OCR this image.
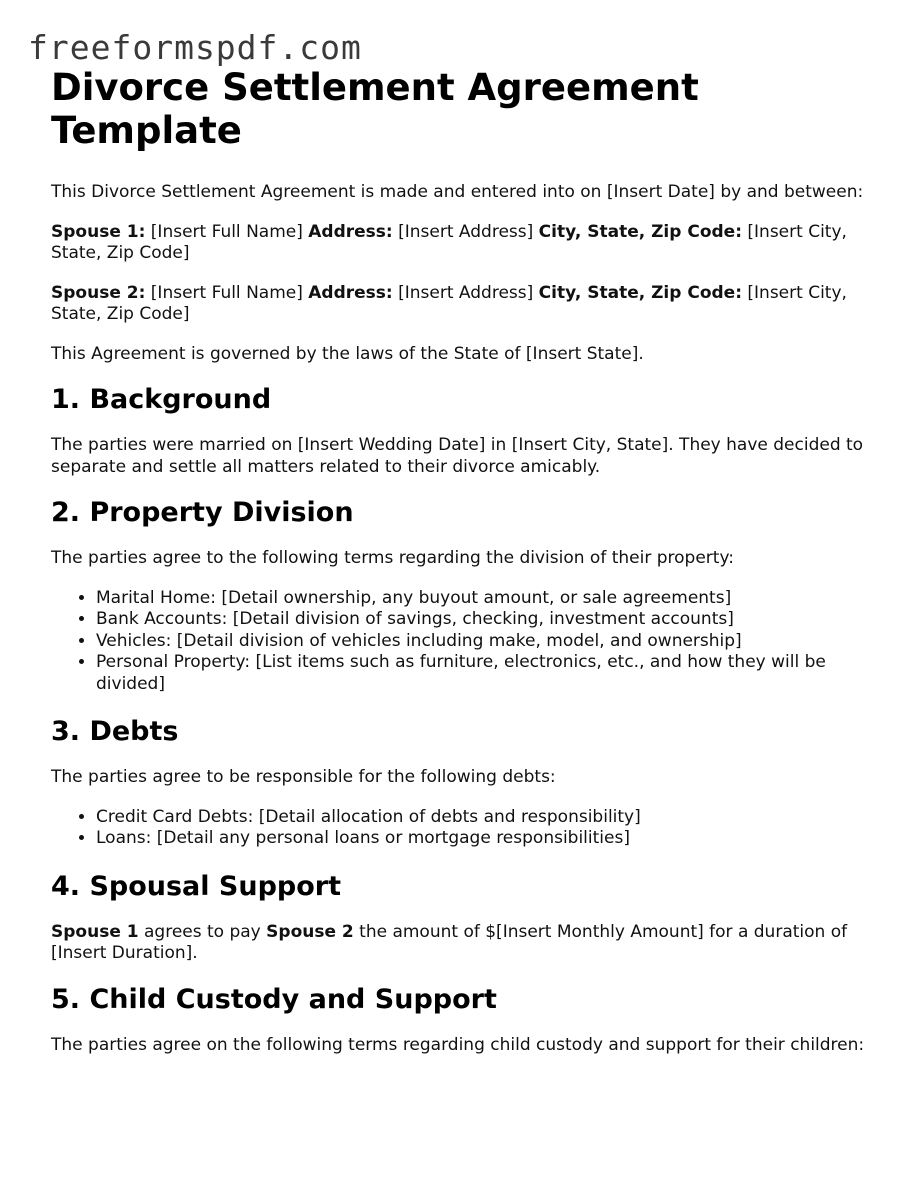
freeformspdf.com
Divorce Settlement Agreement Template

This Divorce Settlement Agreement is made and entered into on [Insert Date] by and between:

Spouse 1: [Insert Full Name] Address: [Insert Address] City, State, Zip Code: [Insert City, State, Zip Code]

Spouse 2: [Insert Full Name] Address: [Insert Address] City, State, Zip Code: [Insert City, State, Zip Code]

This Agreement is governed by the laws of the State of [Insert State].

1. Background

The parties were married on [Insert Wedding Date] in [Insert City, State]. They have decided to separate and settle all matters related to their divorce amicably.

2. Property Division

The parties agree to the following terms regarding the division of their property:

• Marital Home: [Detail ownership, any buyout amount, or sale agreements]
• Bank Accounts: [Detail division of savings, checking, investment accounts]
• Vehicles: [Detail division of vehicles including make, model, and ownership]
• Personal Property: [List items such as furniture, electronics, etc., and how they will be divided]
3. Debts

The parties agree to be responsible for the following debts:

• Credit Card Debts: [Detail allocation of debts and responsibility]
• Loans: [Detail any personal loans or mortgage responsibilities]
4. Spousal Support

Spouse 1 agrees to pay Spouse 2 the amount of $[Insert Monthly Amount] for a duration of [Insert Duration].

5. Child Custody and Support

The parties agree on the following terms regarding child custody and support for their children:
